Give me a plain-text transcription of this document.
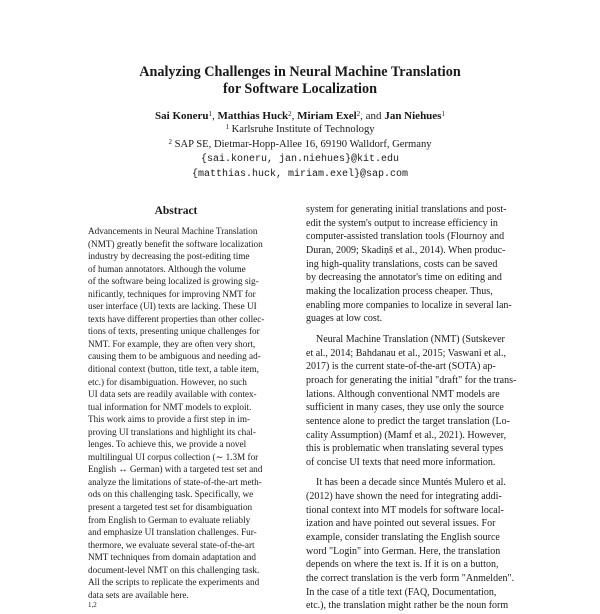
Analyzing Challenges in Neural Machine Translation
for Software Localization
Sai Koneru$^1$, Matthias Huck$^2$, Miriam Exel$^2$, and Jan Niehues$^1$
$^1$ Karlsruhe Institute of Technology
$^2$ SAP SE, Dietmar-Hopp-Allee 16, 69190 Walldorf, Germany
{sai.koneru, jan.niehues}@kit.edu
{matthias.huck, miriam.exel}@sap.com
Abstract
Advancements in Neural Machine Translation
(NMT) greatly benefit the software localization
industry by decreasing the post-editing time
of human annotators. Although the volume
of the software being localized is growing sig-
nificantly, techniques for improving NMT for
user interface (UI) texts are lacking. These UI
texts have different properties than other collec-
tions of texts, presenting unique challenges for
NMT. For example, they are often very short,
causing them to be ambiguous and needing ad-
ditional context (button, title text, a table item,
etc.) for disambiguation. However, no such
UI data sets are readily available with contex-
tual information for NMT models to exploit.
This work aims to provide a first step in im-
proving UI translations and highlight its chal-
lenges. To achieve this, we provide a novel
multilingual UI corpus collection (∼ 1.3M for
English ↔ German) with a targeted test set and
analyze the limitations of state-of-the-art meth-
ods on this challenging task. Specifically, we
present a targeted test set for disambiguation
from English to German to evaluate reliably
and emphasize UI translation challenges. Fur-
thermore, we evaluate several state-of-the-art
NMT techniques from domain adaptation and
document-level NMT on this challenging task.
All the scripts to replicate the experiments and
data sets are available here.
$^{1,2}$
system for generating initial translations and post-
edit the system's output to increase efficiency in
computer-assisted translation tools (Flournoy and
Duran, 2009; Skadiņš et al., 2014). When produc-
ing high-quality translations, costs can be saved
by decreasing the annotator's time on editing and
making the localization process cheaper. Thus,
enabling more companies to localize in several lan-
guages at low cost.
Neural Machine Translation (NMT) (Sutskever
et al., 2014; Bahdanau et al., 2015; Vaswani et al.,
2017) is the current state-of-the-art (SOTA) ap-
proach for generating the initial "draft" for the trans-
lations. Although conventional NMT models are
sufficient in many cases, they use only the source
sentence alone to predict the target translation (Lo-
cality Assumption) (Mamf et al., 2021). However,
this is problematic when translating several types
of concise UI texts that need more information.
It has been a decade since Muntés Mulero et al.
(2012) have shown the need for integrating addi-
tional context into MT models for software local-
ization and have pointed out several issues. For
example, consider translating the English source
word "Login" into German. Here, the translation
depends on where the text is. If it is on a button,
the correct translation is the verb form "Anmelden".
In the case of a title text (FAQ, Documentation,
etc.), the translation might rather be the noun form
